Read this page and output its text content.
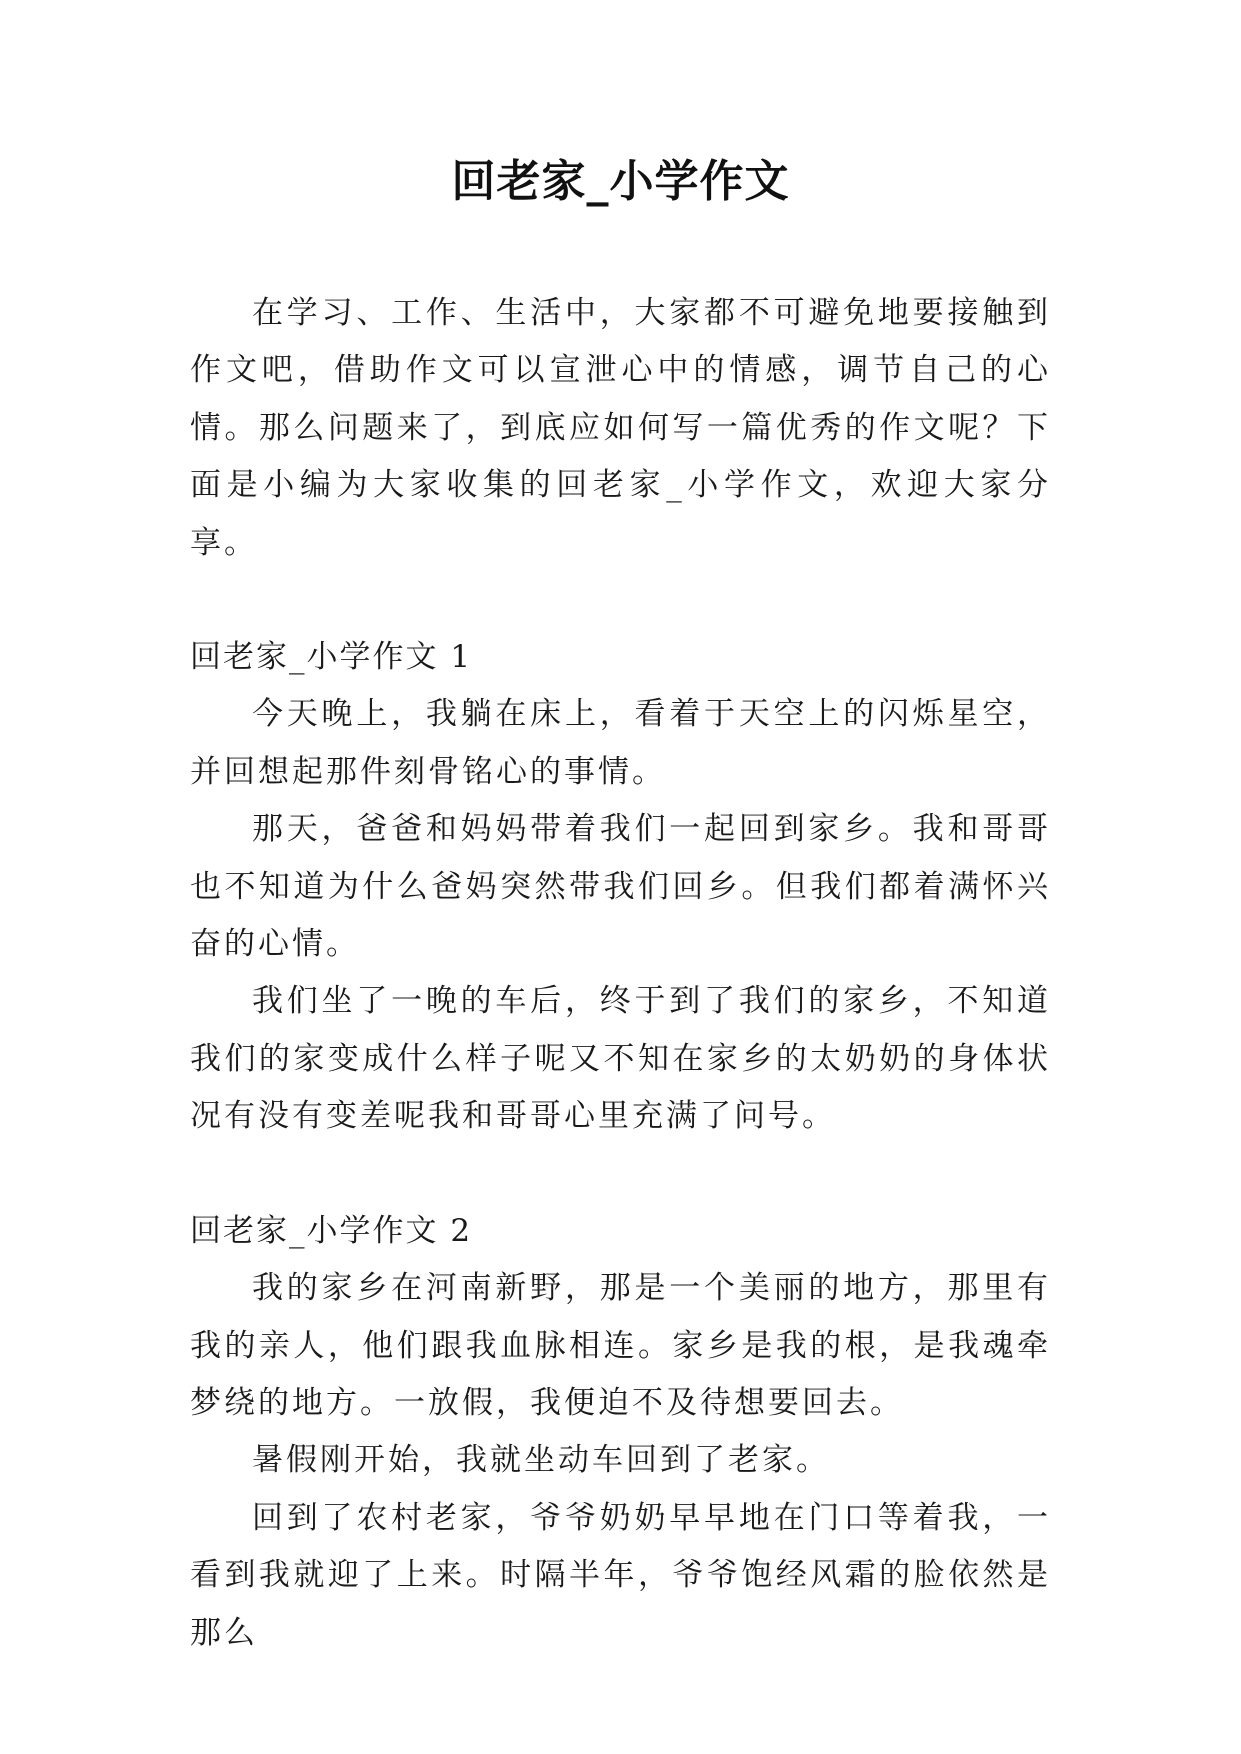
回老家_小学作文

在学习、工作、生活中，大家都不可避免地要接触到作文吧，借助作文可以宣泄心中的情感，调节自己的心情。那么问题来了，到底应如何写一篇优秀的作文呢？下面是小编为大家收集的回老家_小学作文，欢迎大家分享。

回老家_小学作文 1

今天晚上，我躺在床上，看着于天空上的闪烁星空，并回想起那件刻骨铭心的事情。

那天，爸爸和妈妈带着我们一起回到家乡。我和哥哥也不知道为什么爸妈突然带我们回乡。但我们都着满怀兴奋的心情。

我们坐了一晚的车后，终于到了我们的家乡，不知道我们的家变成什么样子呢又不知在家乡的太奶奶的身体状况有没有变差呢我和哥哥心里充满了问号。

回老家_小学作文 2

我的家乡在河南新野，那是一个美丽的地方，那里有我的亲人，他们跟我血脉相连。家乡是我的根，是我魂牵梦绕的地方。一放假，我便迫不及待想要回去。

暑假刚开始，我就坐动车回到了老家。

回到了农村老家，爷爷奶奶早早地在门口等着我，一看到我就迎了上来。时隔半年，爷爷饱经风霜的脸依然是那么
